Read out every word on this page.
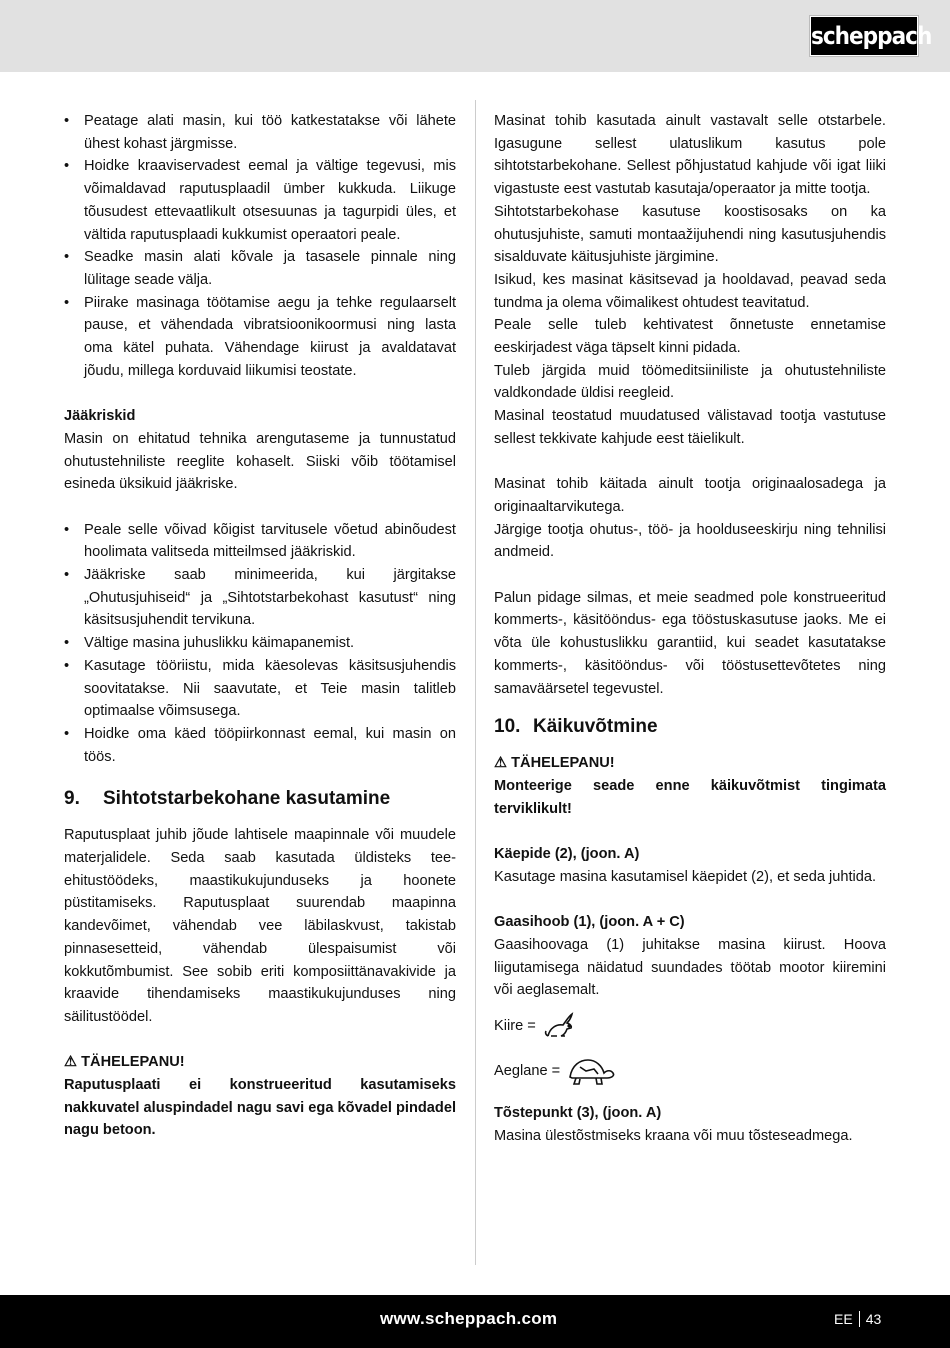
scheppach
• Peatage alati masin, kui töö katkestatakse või lähete ühest kohast järgmisse.
• Hoidke kraaviservadest eemal ja vältige tegevusi, mis võimaldavad raputusplaadil ümber kukkuda. Liikuge tõusudest ettevaatlikult otsesuunas ja tagurpidi üles, et vältida raputusplaadi kukkumist operaatori peale.
• Seadke masin alati kõvale ja tasasele pinnale ning lülitage seade välja.
• Piirake masinaga töötamise aegu ja tehke regulaarselt pause, et vähendada vibratsioonikoormusi ning lasta oma kätel puhata. Vähendage kiirust ja avaldatavat jõudu, millega korduvaid liikumisi teostate.
Jääkriskid

Masin on ehitatud tehnika arengutaseme ja tunnustatud ohutustehniliste reeglite kohaselt. Siiski võib töötamisel esineda üksikuid jääkriske.

• Peale selle võivad kõigist tarvitusele võetud abinõudest hoolimata valitseda mitteilmsed jääkriskid.
• Jääkriske saab minimeerida, kui järgitakse „Ohutusjuhiseid“ ja „Sihtotstarbekohast kasutust“ ning käsitsusjuhendit tervikuna.
• Vältige masina juhuslikku käimapanemist.
• Kasutage tööriistu, mida käesolevas käsitsusjuhendis soovitatakse. Nii saavutate, et Teie masin talitleb optimaalse võimsusega.
• Hoidke oma käed tööpiirkonnast eemal, kui masin on töös.
9. Sihtotstarbekohane kasutamine

Raputusplaat juhib jõude lahtisele maapinnale või muudele materjalidele. Seda saab kasutada üldisteks tee-ehitustöödeks, maastikukujunduseks ja hoonete püstitamiseks. Raputusplaat suurendab maapinna kandevõimet, vähendab vee läbilaskvust, takistab pinnasesetteid, vähendab ülespaisumist või kokkutõmbumist. See sobib eriti komposiittänavakivide ja kraavide tihendamiseks maastikukujunduses ning säilitustöödel.

⚠ TÄHELEPANU!

Raputusplaati ei konstrueeritud kasutamiseks nakkuvatel aluspindadel nagu savi ega kõvadel pindadel nagu betoon.

Masinat tohib kasutada ainult vastavalt selle otstarbele. Igasugune sellest ulatuslikum kasutus pole sihtotstarbekohane. Sellest põhjustatud kahjude või igat liiki vigastuste eest vastutab kasutaja/operaator ja mitte tootja.

Sihtotstarbekohase kasutuse koostisosaks on ka ohutusjuhiste, samuti montaažijuhendi ning kasutusjuhendis sisalduvate käitusjuhiste järgimine.

Isikud, kes masinat käsitsevad ja hooldavad, peavad seda tundma ja olema võimalikest ohtudest teavitatud.

Peale selle tuleb kehtivatest õnnetuste ennetamise eeskirjadest väga täpselt kinni pidada.

Tuleb järgida muid töömeditsiiniliste ja ohutustehniliste valdkondade üldisi reegleid.

Masinal teostatud muudatused välistavad tootja vastutuse sellest tekkivate kahjude eest täielikult.

Masinat tohib käitada ainult tootja originaalosadega ja originaaltarvikutega.

Järgige tootja ohutus-, töö- ja hoolduseeskirju ning tehnilisi andmeid.

Palun pidage silmas, et meie seadmed pole konstrueeritud kommerts-, käsitööndus- ega tööstuskasutuse jaoks. Me ei võta üle kohustuslikku garantiid, kui seadet kasutatakse kommerts-, käsitööndus- või tööstusettevõtetes ning samaväärsetel tegevustel.

10. Käikuvõtmine

⚠ TÄHELEPANU!

Monteerige seade enne käikuvõtmist tingimata terviklikult!

Käepide (2), (joon. A)

Kasutage masina kasutamisel käepidet (2), et seda juhtida.

Gaasihoob (1), (joon. A + C)

Gaasihoovaga (1) juhitakse masina kiirust. Hoova liigutamisega näidatud suundades töötab mootor kiiremini või aeglasemalt.

Kiire =
Aeglane =

Tõstepunkt (3), (joon. A)

Masina ülestõstmiseks kraana või muu tõsteseadmega.

www.scheppach.com	EE 43
